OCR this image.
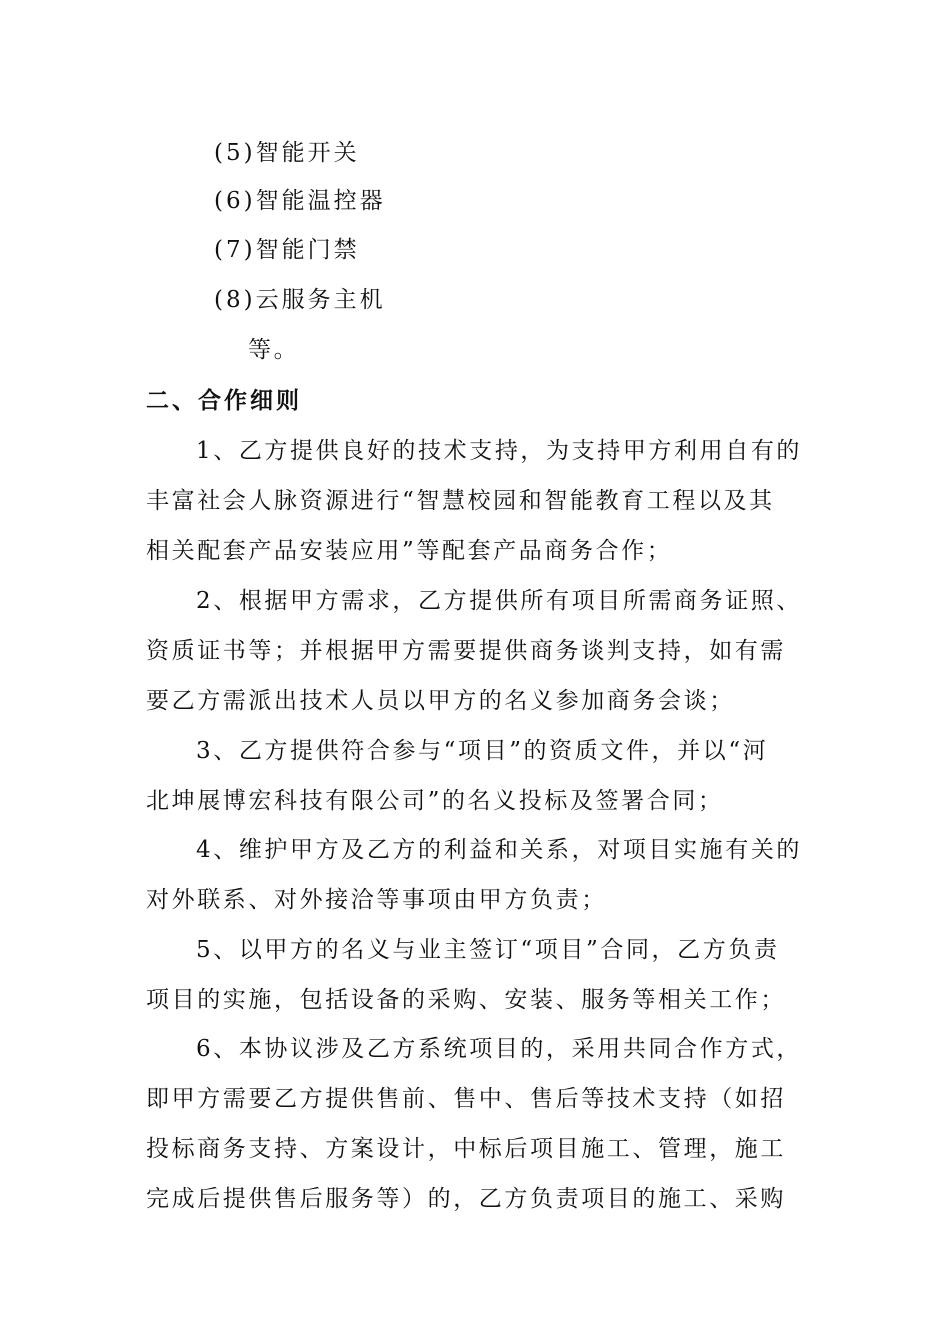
(5)智能开关
(6)智能温控器
(7)智能门禁
(8)云服务主机
等。
二、合作细则
1、乙方提供良好的技术支持，为支持甲方利用自有的
丰富社会人脉资源进行“智慧校园和智能教育工程以及其
相关配套产品安装应用”等配套产品商务合作；
2、根据甲方需求，乙方提供所有项目所需商务证照、
资质证书等；并根据甲方需要提供商务谈判支持，如有需
要乙方需派出技术人员以甲方的名义参加商务会谈；
3、乙方提供符合参与“项目”的资质文件，并以“河
北坤展博宏科技有限公司”的名义投标及签署合同；
4、维护甲方及乙方的利益和关系，对项目实施有关的
对外联系、对外接洽等事项由甲方负责；
5、以甲方的名义与业主签订“项目”合同，乙方负责
项目的实施，包括设备的采购、安装、服务等相关工作；
6、本协议涉及乙方系统项目的，采用共同合作方式，
即甲方需要乙方提供售前、售中、售后等技术支持（如招
投标商务支持、方案设计，中标后项目施工、管理，施工
完成后提供售后服务等）的，乙方负责项目的施工、采购
